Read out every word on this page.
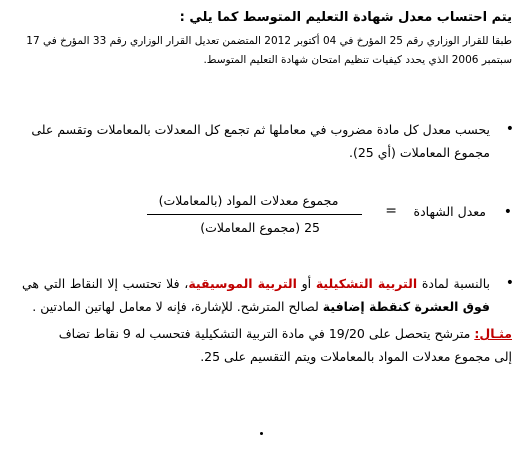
يتم احتساب معدل شهادة التعليم المتوسط كما يلي :

طبقا للقرار الوزاري رقم 25 المؤرخ في 04 أكتوبر 2012 المتضمن تعديل القرار الوزاري رقم 33 المؤرخ في 17

سبتمبر 2006 الذي يحدد كيفيات تنظيم امتحان شهادة التعليم المتوسط.

•
يحسب معدل كل مادة مضروب في معاملها ثم تجمع كل المعدلات بالمعاملات وتقسم على
مجموع المعاملات (أي 25).
•
معدل الشهادة
=
مجموع معدلات المواد (بالمعاملات)
25 (مجموع المعاملات)
•
بالنسبة لمادة التربية التشكيلية أو التربية الموسيقية، فلا تحتسب إلا النقاط التي هي فوق العشرة كنقطة إضافية لصالح المترشح. للإشارة، فإنه لا معامل لهاتين المادتين .
مثـال: مترشح يتحصل على 19/20 في مادة التربية التشكيلية فتحسب له 9 نقاط تضاف
إلى مجموع معدلات المواد بالمعاملات ويتم التقسيم على 25.
